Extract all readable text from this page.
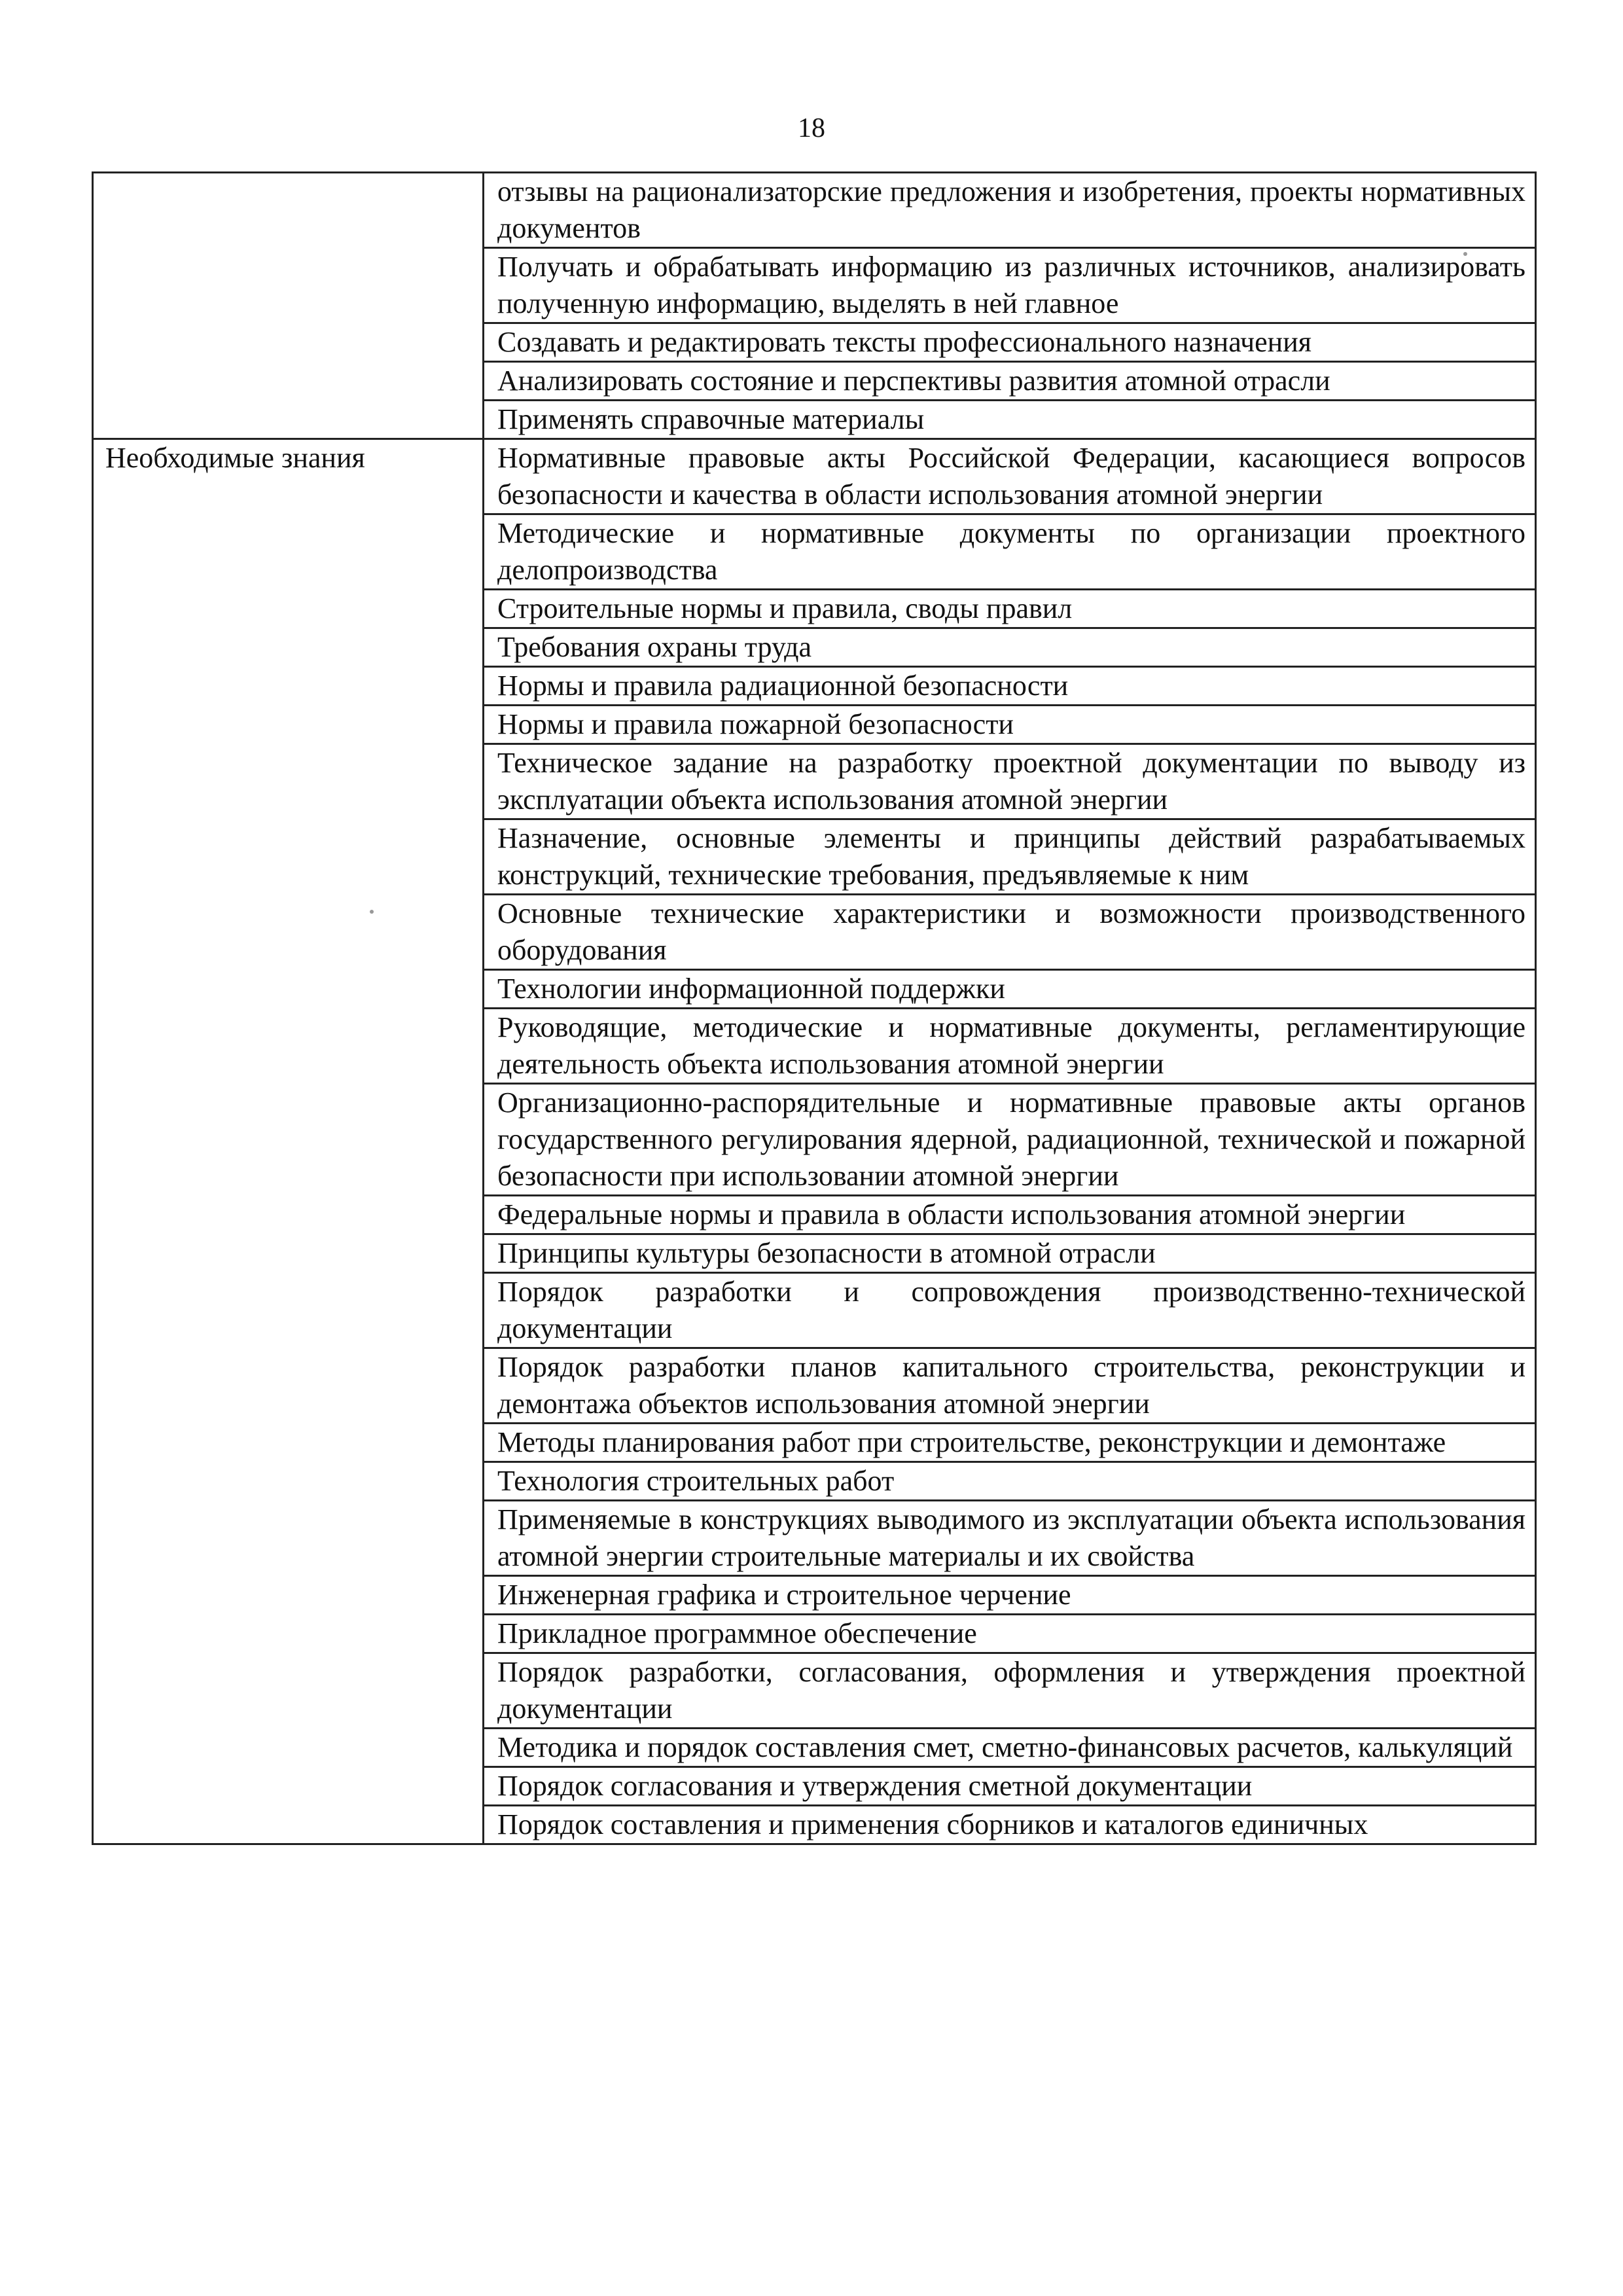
18
	отзывы на рационализаторские предложения и изобретения, проекты нормативных документов
	Получать и обрабатывать информацию из различных источников, анализировать полученную информацию, выделять в ней главное
	Создавать и редактировать тексты профессионального назначения
	Анализировать состояние и перспективы развития атомной отрасли
	Применять справочные материалы
Необходимые знания	Нормативные правовые акты Российской Федерации, касающиеся вопросов безопасности и качества в области использования атомной энергии
	Методические и нормативные документы по организации проектного делопроизводства
	Строительные нормы и правила, своды правил
	Требования охраны труда
	Нормы и правила радиационной безопасности
	Нормы и правила пожарной безопасности
	Техническое задание на разработку проектной документации по выводу из эксплуатации объекта использования атомной энергии
	Назначение, основные элементы и принципы действий разрабатываемых конструкций, технические требования, предъявляемые к ним
	Основные технические характеристики и возможности производственного оборудования
	Технологии информационной поддержки
	Руководящие, методические и нормативные документы, регламентирующие деятельность объекта использования атомной энергии
	Организационно-распорядительные и нормативные правовые акты органов государственного регулирования ядерной, радиационной, технической и пожарной безопасности при использовании атомной энергии
	Федеральные нормы и правила в области использования атомной энергии
	Принципы культуры безопасности в атомной отрасли
	Порядок разработки и сопровождения производственно-технической документации
	Порядок разработки планов капитального строительства, реконструкции и демонтажа объектов использования атомной энергии
	Методы планирования работ при строительстве, реконструкции и демонтаже
	Технология строительных работ
	Применяемые в конструкциях выводимого из эксплуатации объекта использования атомной энергии строительные материалы и их свойства
	Инженерная графика и строительное черчение
	Прикладное программное обеспечение
	Порядок разработки, согласования, оформления и утверждения проектной документации
	Методика и порядок составления смет, сметно-финансовых расчетов, калькуляций
	Порядок согласования и утверждения сметной документации
	Порядок составления и применения сборников и каталогов единичных
